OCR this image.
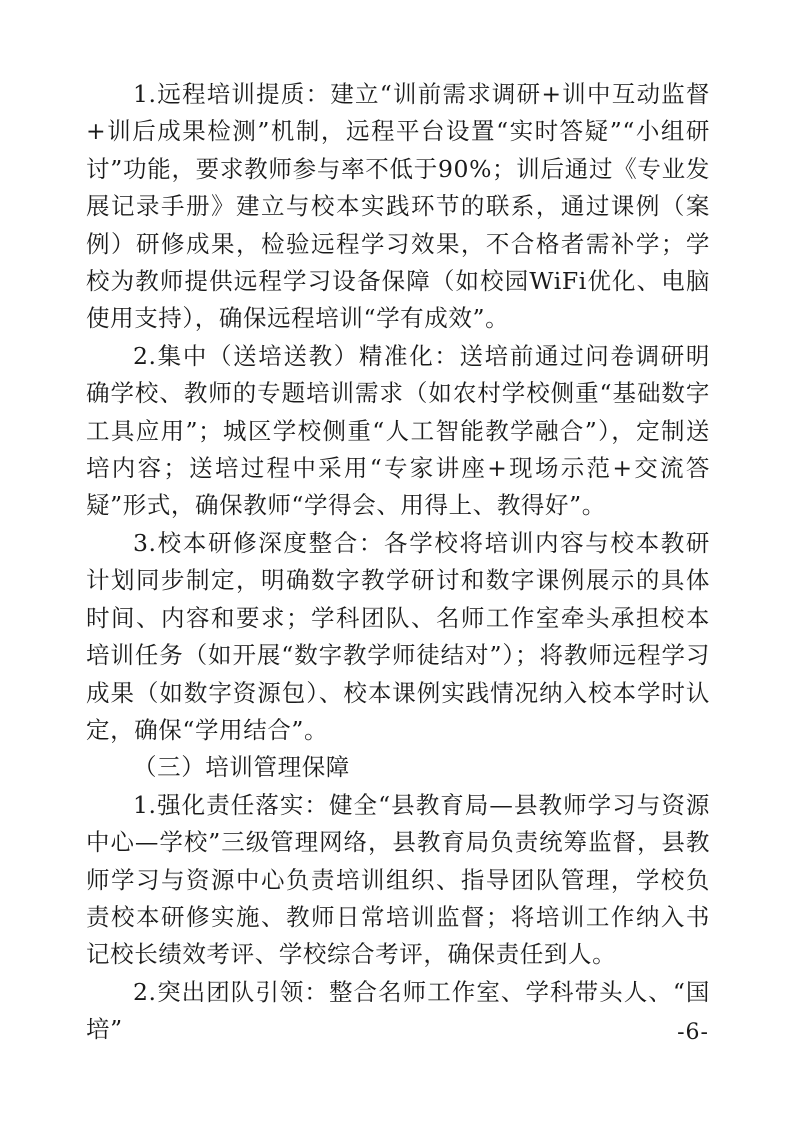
1.远程培训提质：建立“训前需求调研+训中互动监督+训后成果检测”机制，远程平台设置“实时答疑”“小组研讨”功能，要求教师参与率不低于90%；训后通过《专业发展记录手册》建立与校本实践环节的联系，通过课例（案例）研修成果，检验远程学习效果，不合格者需补学；学校为教师提供远程学习设备保障（如校园WiFi优化、电脑使用支持），确保远程培训“学有成效”。

2.集中（送培送教）精准化：送培前通过问卷调研明确学校、教师的专题培训需求（如农村学校侧重“基础数字工具应用”；城区学校侧重“人工智能教学融合”），定制送培内容；送培过程中采用“专家讲座+现场示范+交流答疑”形式，确保教师“学得会、用得上、教得好”。

3.校本研修深度整合：各学校将培训内容与校本教研计划同步制定，明确数字教学研讨和数字课例展示的具体时间、内容和要求；学科团队、名师工作室牵头承担校本培训任务（如开展“数字教学师徒结对”）；将教师远程学习成果（如数字资源包）、校本课例实践情况纳入校本学时认定，确保“学用结合”。

（三）培训管理保障

1.强化责任落实：健全“县教育局—县教师学习与资源中心—学校”三级管理网络，县教育局负责统筹监督，县教师学习与资源中心负责培训组织、指导团队管理，学校负责校本研修实施、教师日常培训监督；将培训工作纳入书记校长绩效考评、学校综合考评，确保责任到人。

2.突出团队引领：整合名师工作室、学科带头人、“国培”	-6-
